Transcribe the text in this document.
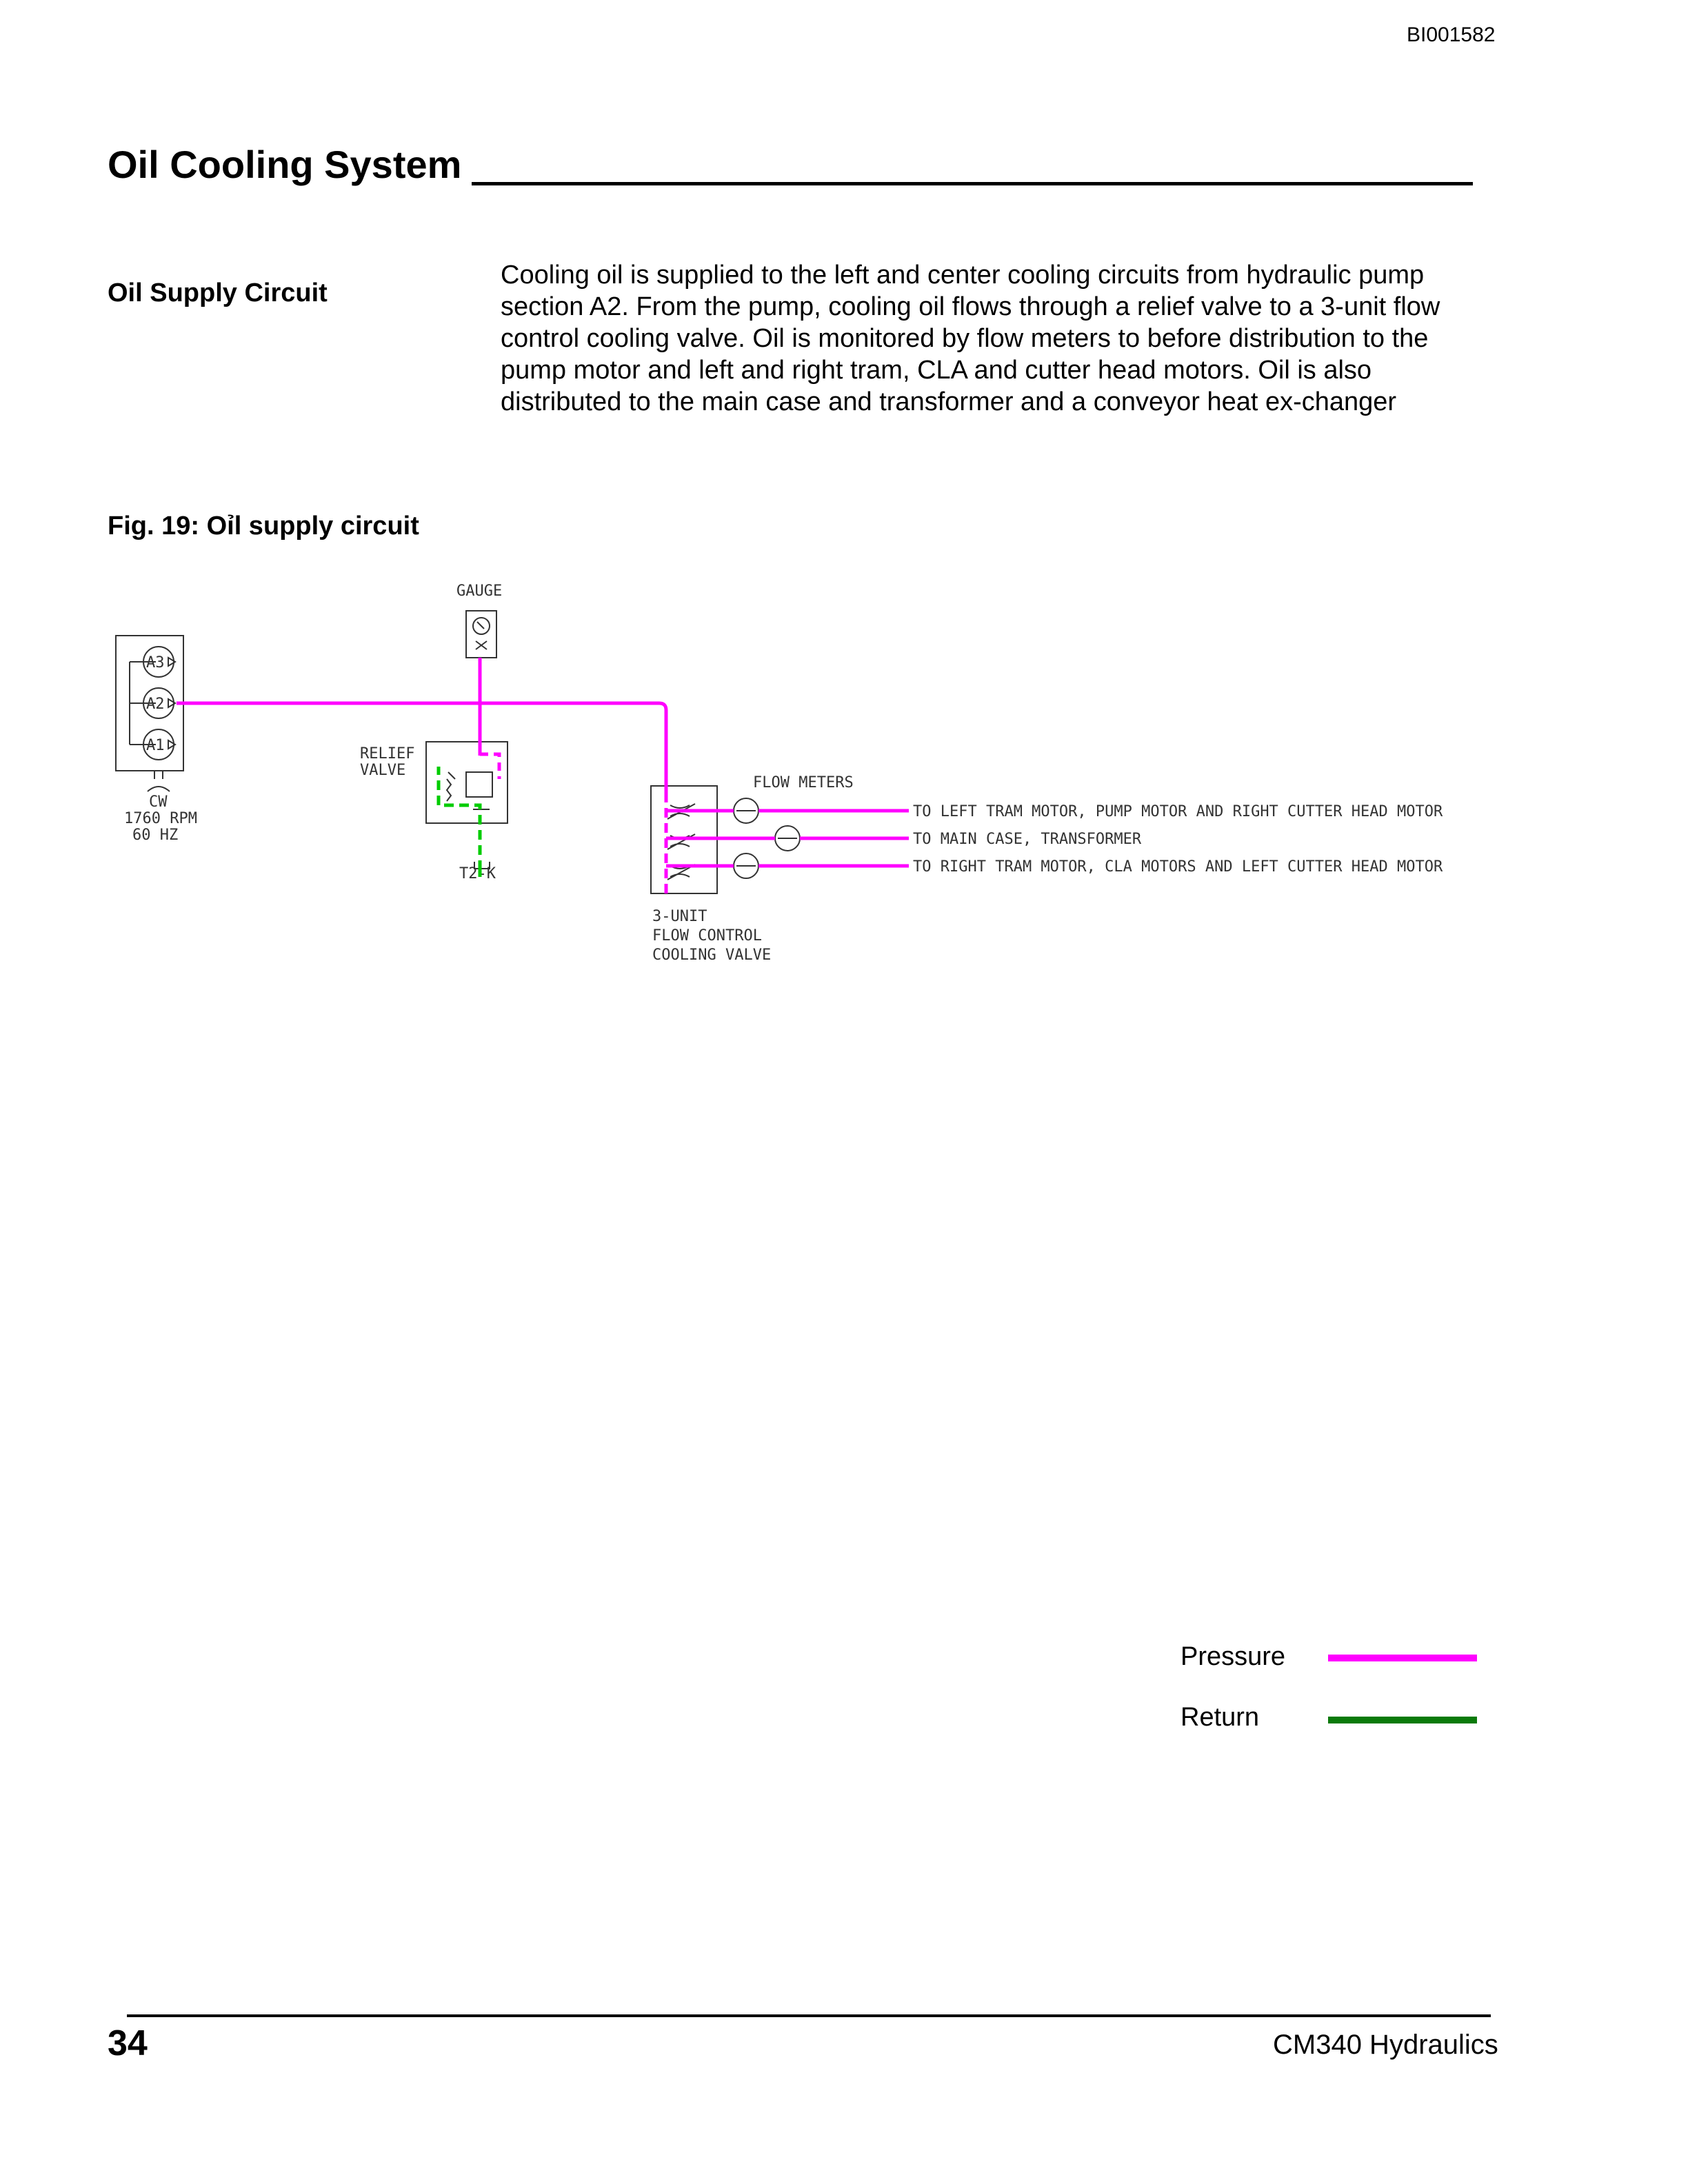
BI001582
Oil Cooling System
Oil Supply Circuit

Cooling oil is supplied to the left and center cooling circuits from hydraulic pump section A2. From the pump, cooling oil flows through a relief valve to a 3-unit flow control cooling valve. Oil is monitored by flow meters to before distribution to the pump motor and left and right tram, CLA and cutter head motors. Oil is also distributed to the main case and transformer and a conveyor heat ex-changer

Fig. 19: Oỉl supply circuit
A3
A2
A1
CW
1760 RPM
60 HZ
GAUGE
RELIEF
VALVE
T2-K
3-UNIT
FLOW CONTROL
COOLING VALVE
FLOW METERS
TO LEFT TRAM MOTOR, PUMP MOTOR AND RIGHT CUTTER HEAD MOTOR
TO MAIN CASE, TRANSFORMER
TO RIGHT TRAM MOTOR, CLA MOTORS AND LEFT CUTTER HEAD MOTOR
Pressure
Return
34	CM340 Hydraulics
